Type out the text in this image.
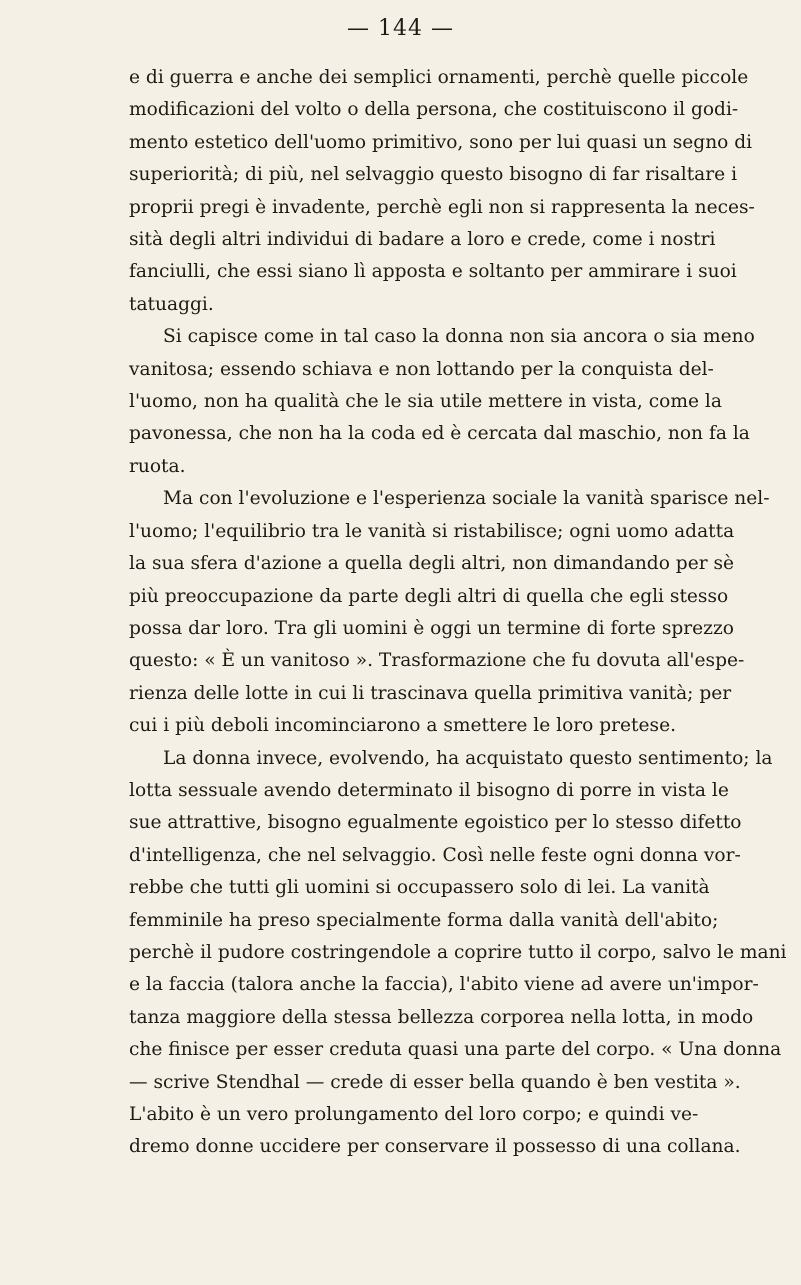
— 144 —
e di guerra e anche dei semplici ornamenti, perchè quelle piccole
modificazioni del volto o della persona, che costituiscono il godi-
mento estetico dell'uomo primitivo, sono per lui quasi un segno di
superiorità; di più, nel selvaggio questo bisogno di far risaltare i
proprii pregi è invadente, perchè egli non si rappresenta la neces-
sità degli altri individui di badare a loro e crede, come i nostri
fanciulli, che essi siano lì apposta e soltanto per ammirare i suoi
tatuaggi.
Si capisce come in tal caso la donna non sia ancora o sia meno
vanitosa; essendo schiava e non lottando per la conquista del-
l'uomo, non ha qualità che le sia utile mettere in vista, come la
pavonessa, che non ha la coda ed è cercata dal maschio, non fa la
ruota.
Ma con l'evoluzione e l'esperienza sociale la vanità sparisce nel-
l'uomo; l'equilibrio tra le vanità si ristabilisce; ogni uomo adatta
la sua sfera d'azione a quella degli altri, non dimandando per sè
più preoccupazione da parte degli altri di quella che egli stesso
possa dar loro. Tra gli uomini è oggi un termine di forte sprezzo
questo: « È un vanitoso ». Trasformazione che fu dovuta all'espe-
rienza delle lotte in cui li trascinava quella primitiva vanità; per
cui i più deboli incominciarono a smettere le loro pretese.
La donna invece, evolvendo, ha acquistato questo sentimento; la
lotta sessuale avendo determinato il bisogno di porre in vista le
sue attrattive, bisogno egualmente egoistico per lo stesso difetto
d'intelligenza, che nel selvaggio. Così nelle feste ogni donna vor-
rebbe che tutti gli uomini si occupassero solo di lei. La vanità
femminile ha preso specialmente forma dalla vanità dell'abito;
perchè il pudore costringendole a coprire tutto il corpo, salvo le mani
e la faccia (talora anche la faccia), l'abito viene ad avere un'impor-
tanza maggiore della stessa bellezza corporea nella lotta, in modo
che finisce per esser creduta quasi una parte del corpo. « Una donna
— scrive Stendhal — crede di esser bella quando è ben vestita ».
L'abito è un vero prolungamento del loro corpo; e quindi ve-
dremo donne uccidere per conservare il possesso di una collana.
